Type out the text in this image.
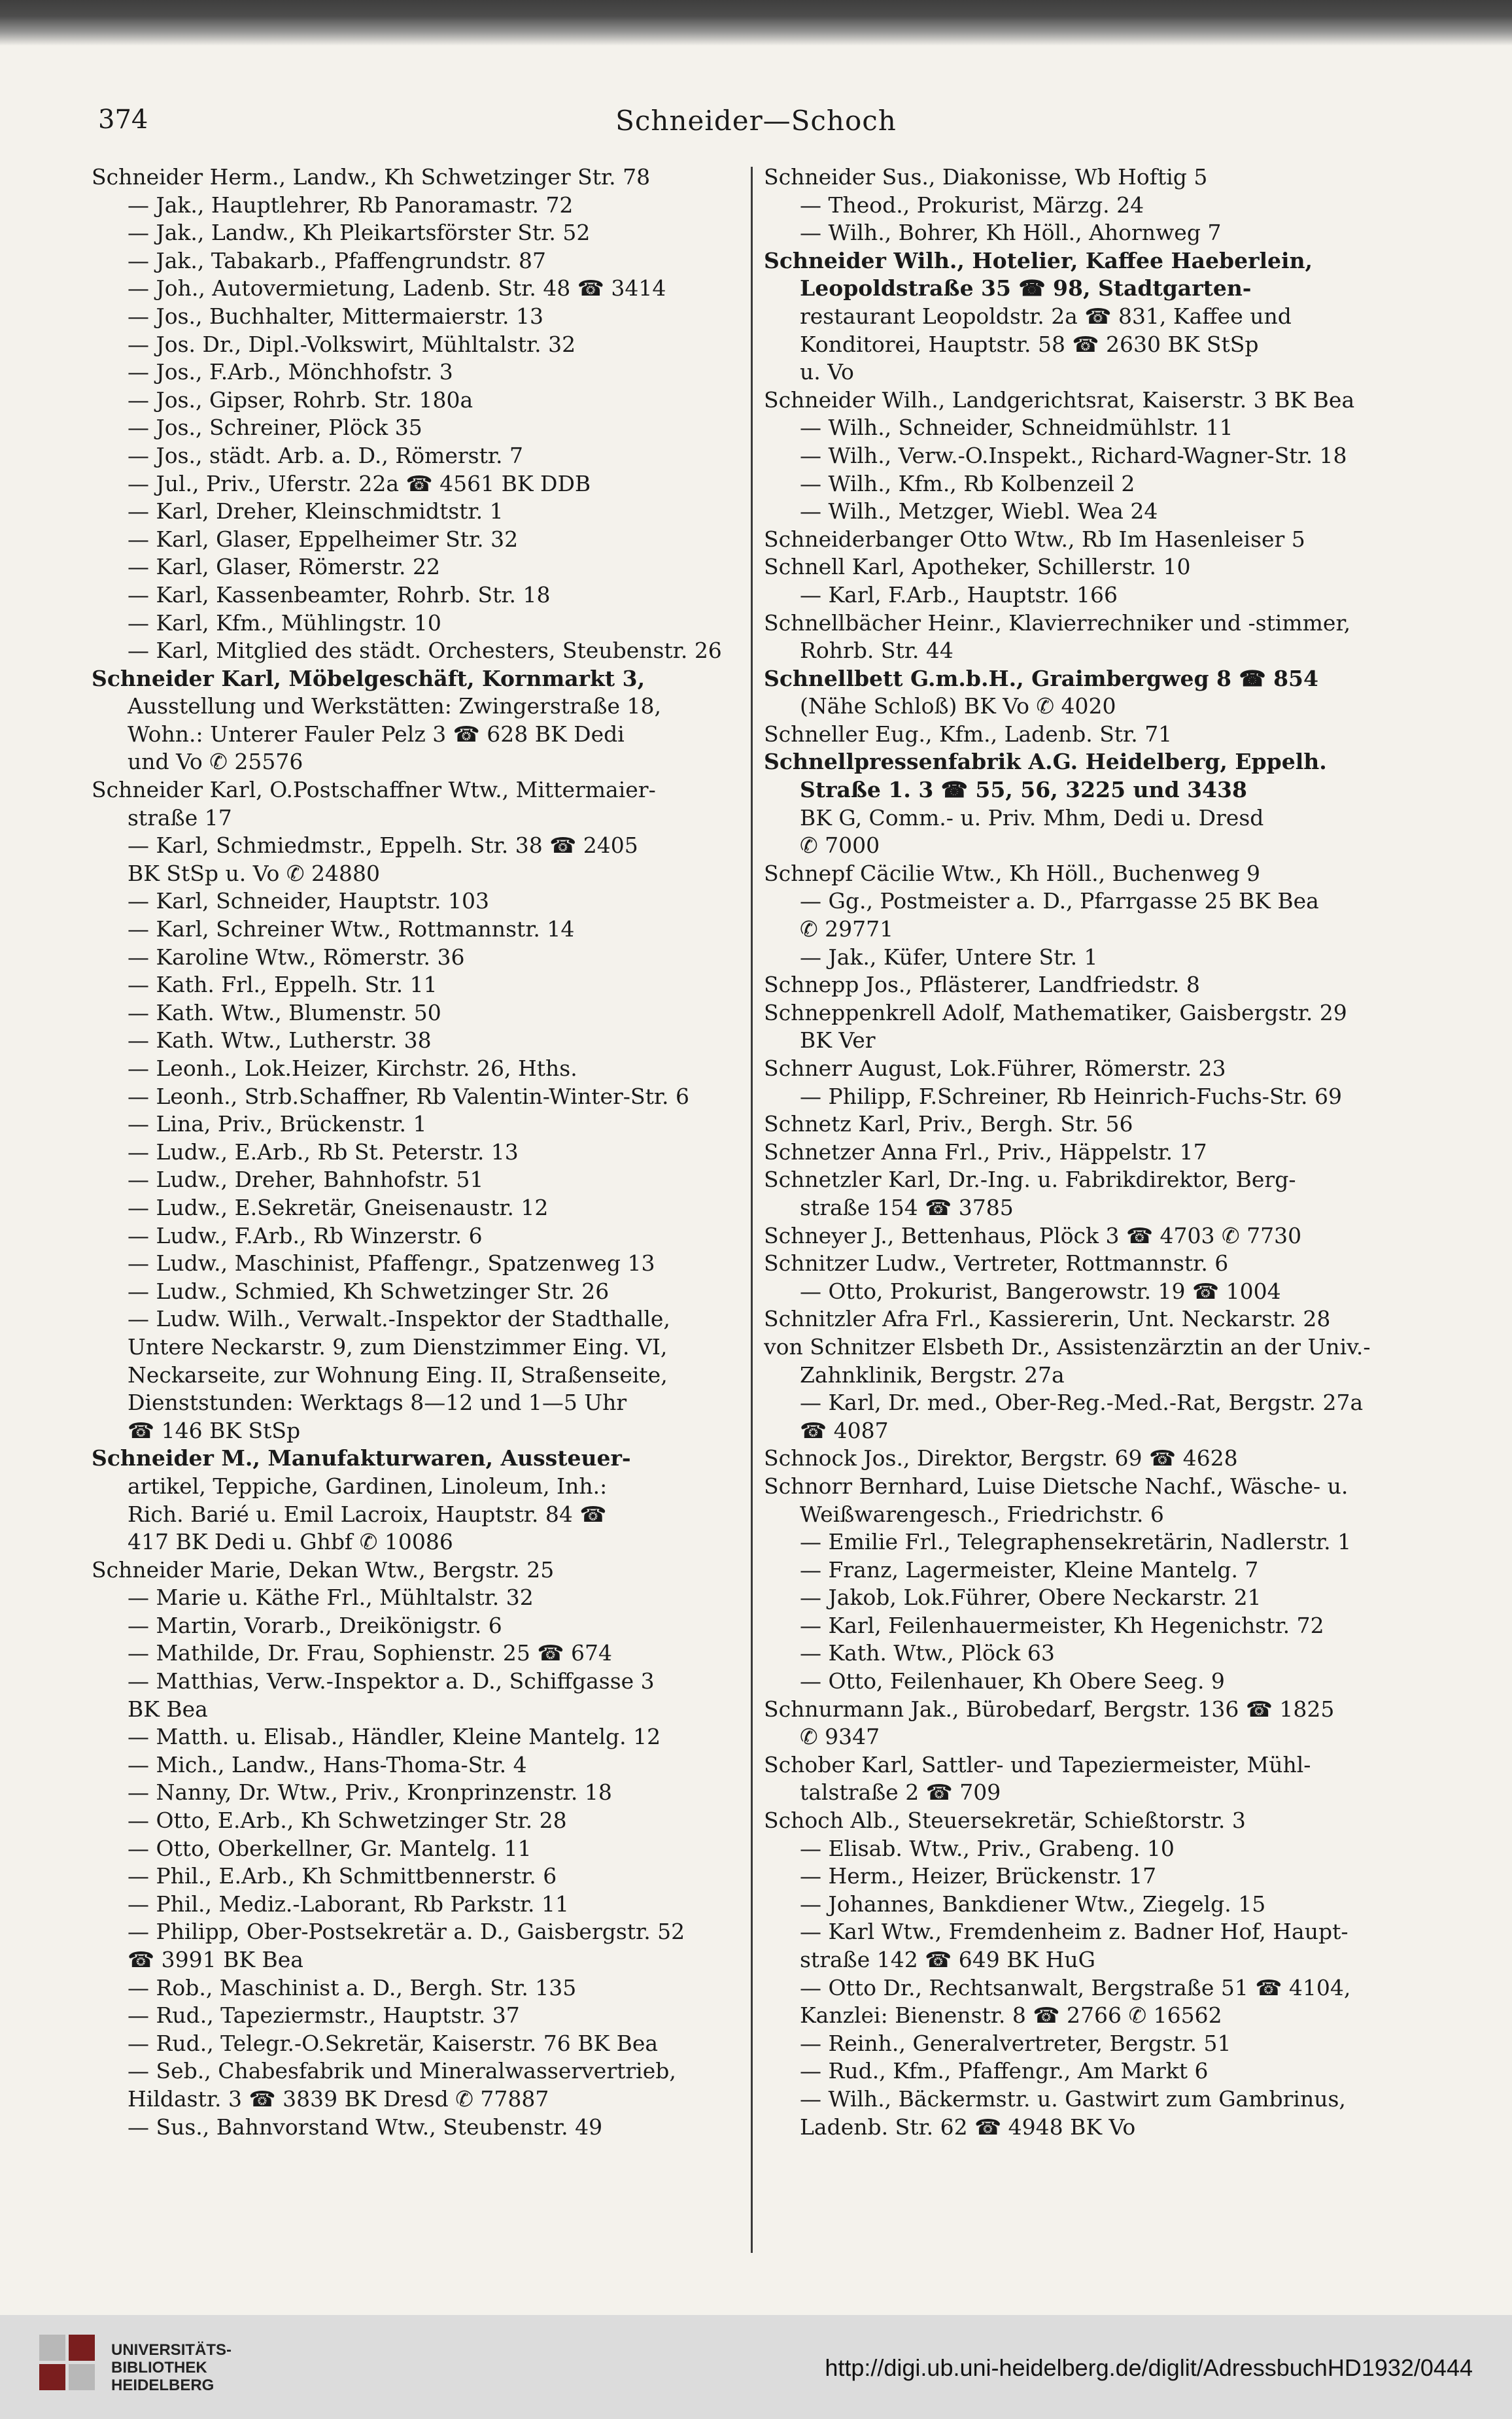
374	Schneider—Schoch

Schneider Herm., Landw., Kh Schwetzinger Str. 78

— Jak., Hauptlehrer, Rb Panoramastr. 72

— Jak., Landw., Kh Pleikartsförster Str. 52

— Jak., Tabakarb., Pfaffengrundstr. 87

— Joh., Autovermietung, Ladenb. Str. 48 ☎ 3414

— Jos., Buchhalter, Mittermaierstr. 13

— Jos. Dr., Dipl.-Volkswirt, Mühltalstr. 32

— Jos., F.Arb., Mönchhofstr. 3

— Jos., Gipser, Rohrb. Str. 180a

— Jos., Schreiner, Plöck 35

— Jos., städt. Arb. a. D., Römerstr. 7

— Jul., Priv., Uferstr. 22a ☎ 4561 BK DDB

— Karl, Dreher, Kleinschmidtstr. 1

— Karl, Glaser, Eppelheimer Str. 32

— Karl, Glaser, Römerstr. 22

— Karl, Kassenbeamter, Rohrb. Str. 18

— Karl, Kfm., Mühlingstr. 10

— Karl, Mitglied des städt. Orchesters, Steubenstr. 26

Schneider Karl, Möbelgeschäft, Kornmarkt 3,

Ausstellung und Werkstätten: Zwingerstraße 18,

Wohn.: Unterer Fauler Pelz 3 ☎ 628 BK Dedi

und Vo ✆ 25576

Schneider Karl, O.Postschaffner Wtw., Mittermaier-

straße 17

— Karl, Schmiedmstr., Eppelh. Str. 38 ☎ 2405

BK StSp u. Vo ✆ 24880

— Karl, Schneider, Hauptstr. 103

— Karl, Schreiner Wtw., Rottmannstr. 14

— Karoline Wtw., Römerstr. 36

— Kath. Frl., Eppelh. Str. 11

— Kath. Wtw., Blumenstr. 50

— Kath. Wtw., Lutherstr. 38

— Leonh., Lok.Heizer, Kirchstr. 26, Hths.

— Leonh., Strb.Schaffner, Rb Valentin-Winter-Str. 6

— Lina, Priv., Brückenstr. 1

— Ludw., E.Arb., Rb St. Peterstr. 13

— Ludw., Dreher, Bahnhofstr. 51

— Ludw., E.Sekretär, Gneisenaustr. 12

— Ludw., F.Arb., Rb Winzerstr. 6

— Ludw., Maschinist, Pfaffengr., Spatzenweg 13

— Ludw., Schmied, Kh Schwetzinger Str. 26

— Ludw. Wilh., Verwalt.-Inspektor der Stadthalle,

Untere Neckarstr. 9, zum Dienstzimmer Eing. VI,

Neckarseite, zur Wohnung Eing. II, Straßenseite,

Dienststunden: Werktags 8—12 und 1—5 Uhr

☎ 146 BK StSp

Schneider M., Manufakturwaren, Aussteuer-

artikel, Teppiche, Gardinen, Linoleum, Inh.:

Rich. Barié u. Emil Lacroix, Hauptstr. 84 ☎

417 BK Dedi u. Ghbf ✆ 10086

Schneider Marie, Dekan Wtw., Bergstr. 25

— Marie u. Käthe Frl., Mühltalstr. 32

— Martin, Vorarb., Dreikönigstr. 6

— Mathilde, Dr. Frau, Sophienstr. 25 ☎ 674

— Matthias, Verw.-Inspektor a. D., Schiffgasse 3

BK Bea

— Matth. u. Elisab., Händler, Kleine Mantelg. 12

— Mich., Landw., Hans-Thoma-Str. 4

— Nanny, Dr. Wtw., Priv., Kronprinzenstr. 18

— Otto, E.Arb., Kh Schwetzinger Str. 28

— Otto, Oberkellner, Gr. Mantelg. 11

— Phil., E.Arb., Kh Schmittbennerstr. 6

— Phil., Mediz.-Laborant, Rb Parkstr. 11

— Philipp, Ober-Postsekretär a. D., Gaisbergstr. 52

☎ 3991 BK Bea

— Rob., Maschinist a. D., Bergh. Str. 135

— Rud., Tapeziermstr., Hauptstr. 37

— Rud., Telegr.-O.Sekretär, Kaiserstr. 76 BK Bea

— Seb., Chabesfabrik und Mineralwasservertrieb,

Hildastr. 3 ☎ 3839 BK Dresd ✆ 77887

— Sus., Bahnvorstand Wtw., Steubenstr. 49

Schneider Sus., Diakonisse, Wb Hoftig 5

— Theod., Prokurist, Märzg. 24

— Wilh., Bohrer, Kh Höll., Ahornweg 7

Schneider Wilh., Hotelier, Kaffee Haeberlein,

Leopoldstraße 35 ☎ 98, Stadtgarten-

restaurant Leopoldstr. 2a ☎ 831, Kaffee und

Konditorei, Hauptstr. 58 ☎ 2630 BK StSp

u. Vo

Schneider Wilh., Landgerichtsrat, Kaiserstr. 3 BK Bea

— Wilh., Schneider, Schneidmühlstr. 11

— Wilh., Verw.-O.Inspekt., Richard-Wagner-Str. 18

— Wilh., Kfm., Rb Kolbenzeil 2

— Wilh., Metzger, Wiebl. Wea 24

Schneiderbanger Otto Wtw., Rb Im Hasenleiser 5

Schnell Karl, Apotheker, Schillerstr. 10

— Karl, F.Arb., Hauptstr. 166

Schnellbächer Heinr., Klavierrechniker und -stimmer,

Rohrb. Str. 44

Schnellbett G.m.b.H., Graimbergweg 8 ☎ 854

(Nähe Schloß) BK Vo ✆ 4020

Schneller Eug., Kfm., Ladenb. Str. 71

Schnellpressenfabrik A.G. Heidelberg, Eppelh.

Straße 1. 3 ☎ 55, 56, 3225 und 3438

BK G, Comm.- u. Priv. Mhm, Dedi u. Dresd

✆ 7000

Schnepf Cäcilie Wtw., Kh Höll., Buchenweg 9

— Gg., Postmeister a. D., Pfarrgasse 25 BK Bea

✆ 29771

— Jak., Küfer, Untere Str. 1

Schnepp Jos., Pflästerer, Landfriedstr. 8

Schneppenkrell Adolf, Mathematiker, Gaisbergstr. 29

BK Ver

Schnerr August, Lok.Führer, Römerstr. 23

— Philipp, F.Schreiner, Rb Heinrich-Fuchs-Str. 69

Schnetz Karl, Priv., Bergh. Str. 56

Schnetzer Anna Frl., Priv., Häppelstr. 17

Schnetzler Karl, Dr.-Ing. u. Fabrikdirektor, Berg-

straße 154 ☎ 3785

Schneyer J., Bettenhaus, Plöck 3 ☎ 4703 ✆ 7730

Schnitzer Ludw., Vertreter, Rottmannstr. 6

— Otto, Prokurist, Bangerowstr. 19 ☎ 1004

Schnitzler Afra Frl., Kassiererin, Unt. Neckarstr. 28

von Schnitzer Elsbeth Dr., Assistenzärztin an der Univ.-

Zahnklinik, Bergstr. 27a

— Karl, Dr. med., Ober-Reg.-Med.-Rat, Bergstr. 27a

☎ 4087

Schnock Jos., Direktor, Bergstr. 69 ☎ 4628

Schnorr Bernhard, Luise Dietsche Nachf., Wäsche- u.

Weißwarengesch., Friedrichstr. 6

— Emilie Frl., Telegraphensekretärin, Nadlerstr. 1

— Franz, Lagermeister, Kleine Mantelg. 7

— Jakob, Lok.Führer, Obere Neckarstr. 21

— Karl, Feilenhauermeister, Kh Hegenichstr. 72

— Kath. Wtw., Plöck 63

— Otto, Feilenhauer, Kh Obere Seeg. 9

Schnurmann Jak., Bürobedarf, Bergstr. 136 ☎ 1825

✆ 9347

Schober Karl, Sattler- und Tapeziermeister, Mühl-

talstraße 2 ☎ 709

Schoch Alb., Steuersekretär, Schießtorstr. 3

— Elisab. Wtw., Priv., Grabeng. 10

— Herm., Heizer, Brückenstr. 17

— Johannes, Bankdiener Wtw., Ziegelg. 15

— Karl Wtw., Fremdenheim z. Badner Hof, Haupt-

straße 142 ☎ 649 BK HuG

— Otto Dr., Rechtsanwalt, Bergstraße 51 ☎ 4104,

Kanzlei: Bienenstr. 8 ☎ 2766 ✆ 16562

— Reinh., Generalvertreter, Bergstr. 51

— Rud., Kfm., Pfaffengr., Am Markt 6

— Wilh., Bäckermstr. u. Gastwirt zum Gambrinus,

Ladenb. Str. 62 ☎ 4948 BK Vo

UNIVERSITÄTS-
BIBLIOTHEK
HEIDELBERG
http://digi.ub.uni-heidelberg.de/diglit/AdressbuchHD1932/0444
